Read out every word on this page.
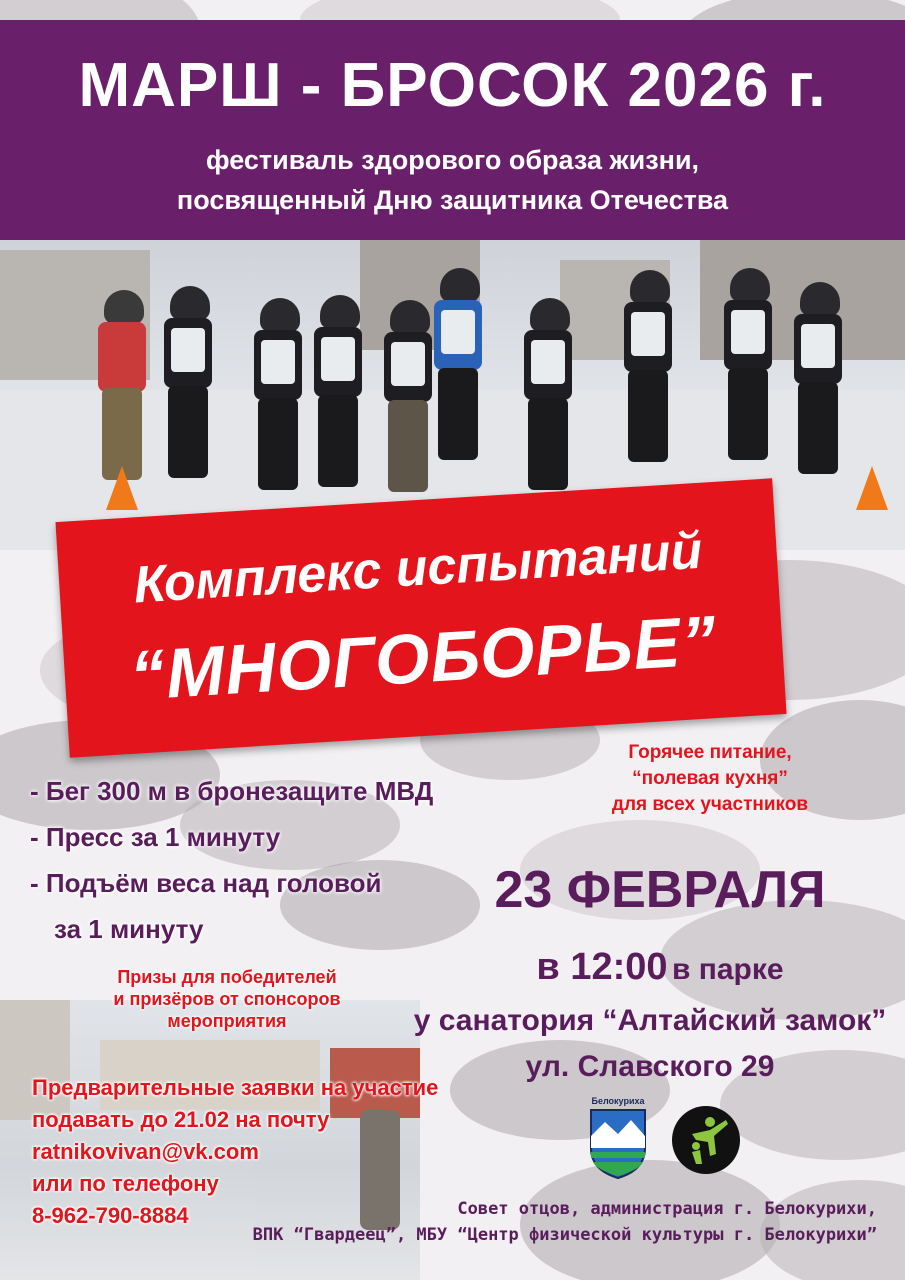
МАРШ - БРОСОК 2026 г.
фестиваль здорового образа жизни,
посвященный Дню защитника Отечества
Комплекс испытаний
“МНОГОБОРЬЕ”
Горячее питание,
“полевая кухня”
для всех участников
- Бег 300 м в бронезащите МВД
- Пресс за 1 минуту
- Подъём веса над головой
за 1 минуту
23 ФЕВРАЛЯ
в 12:00 в парке
у санатория “Алтайский замок”
ул. Славского 29
Призы для победителей
и призёров от спонсоров
мероприятия
Предварительные заявки на участие
подавать до 21.02 на почту
ratnikovivan@vk.com
или по телефону
8-962-790-8884
Белокуриха
Совет отцов, администрация г. Белокурихи,
ВПК “Гвардеец”, МБУ “Центр физической культуры г. Белокурихи”
